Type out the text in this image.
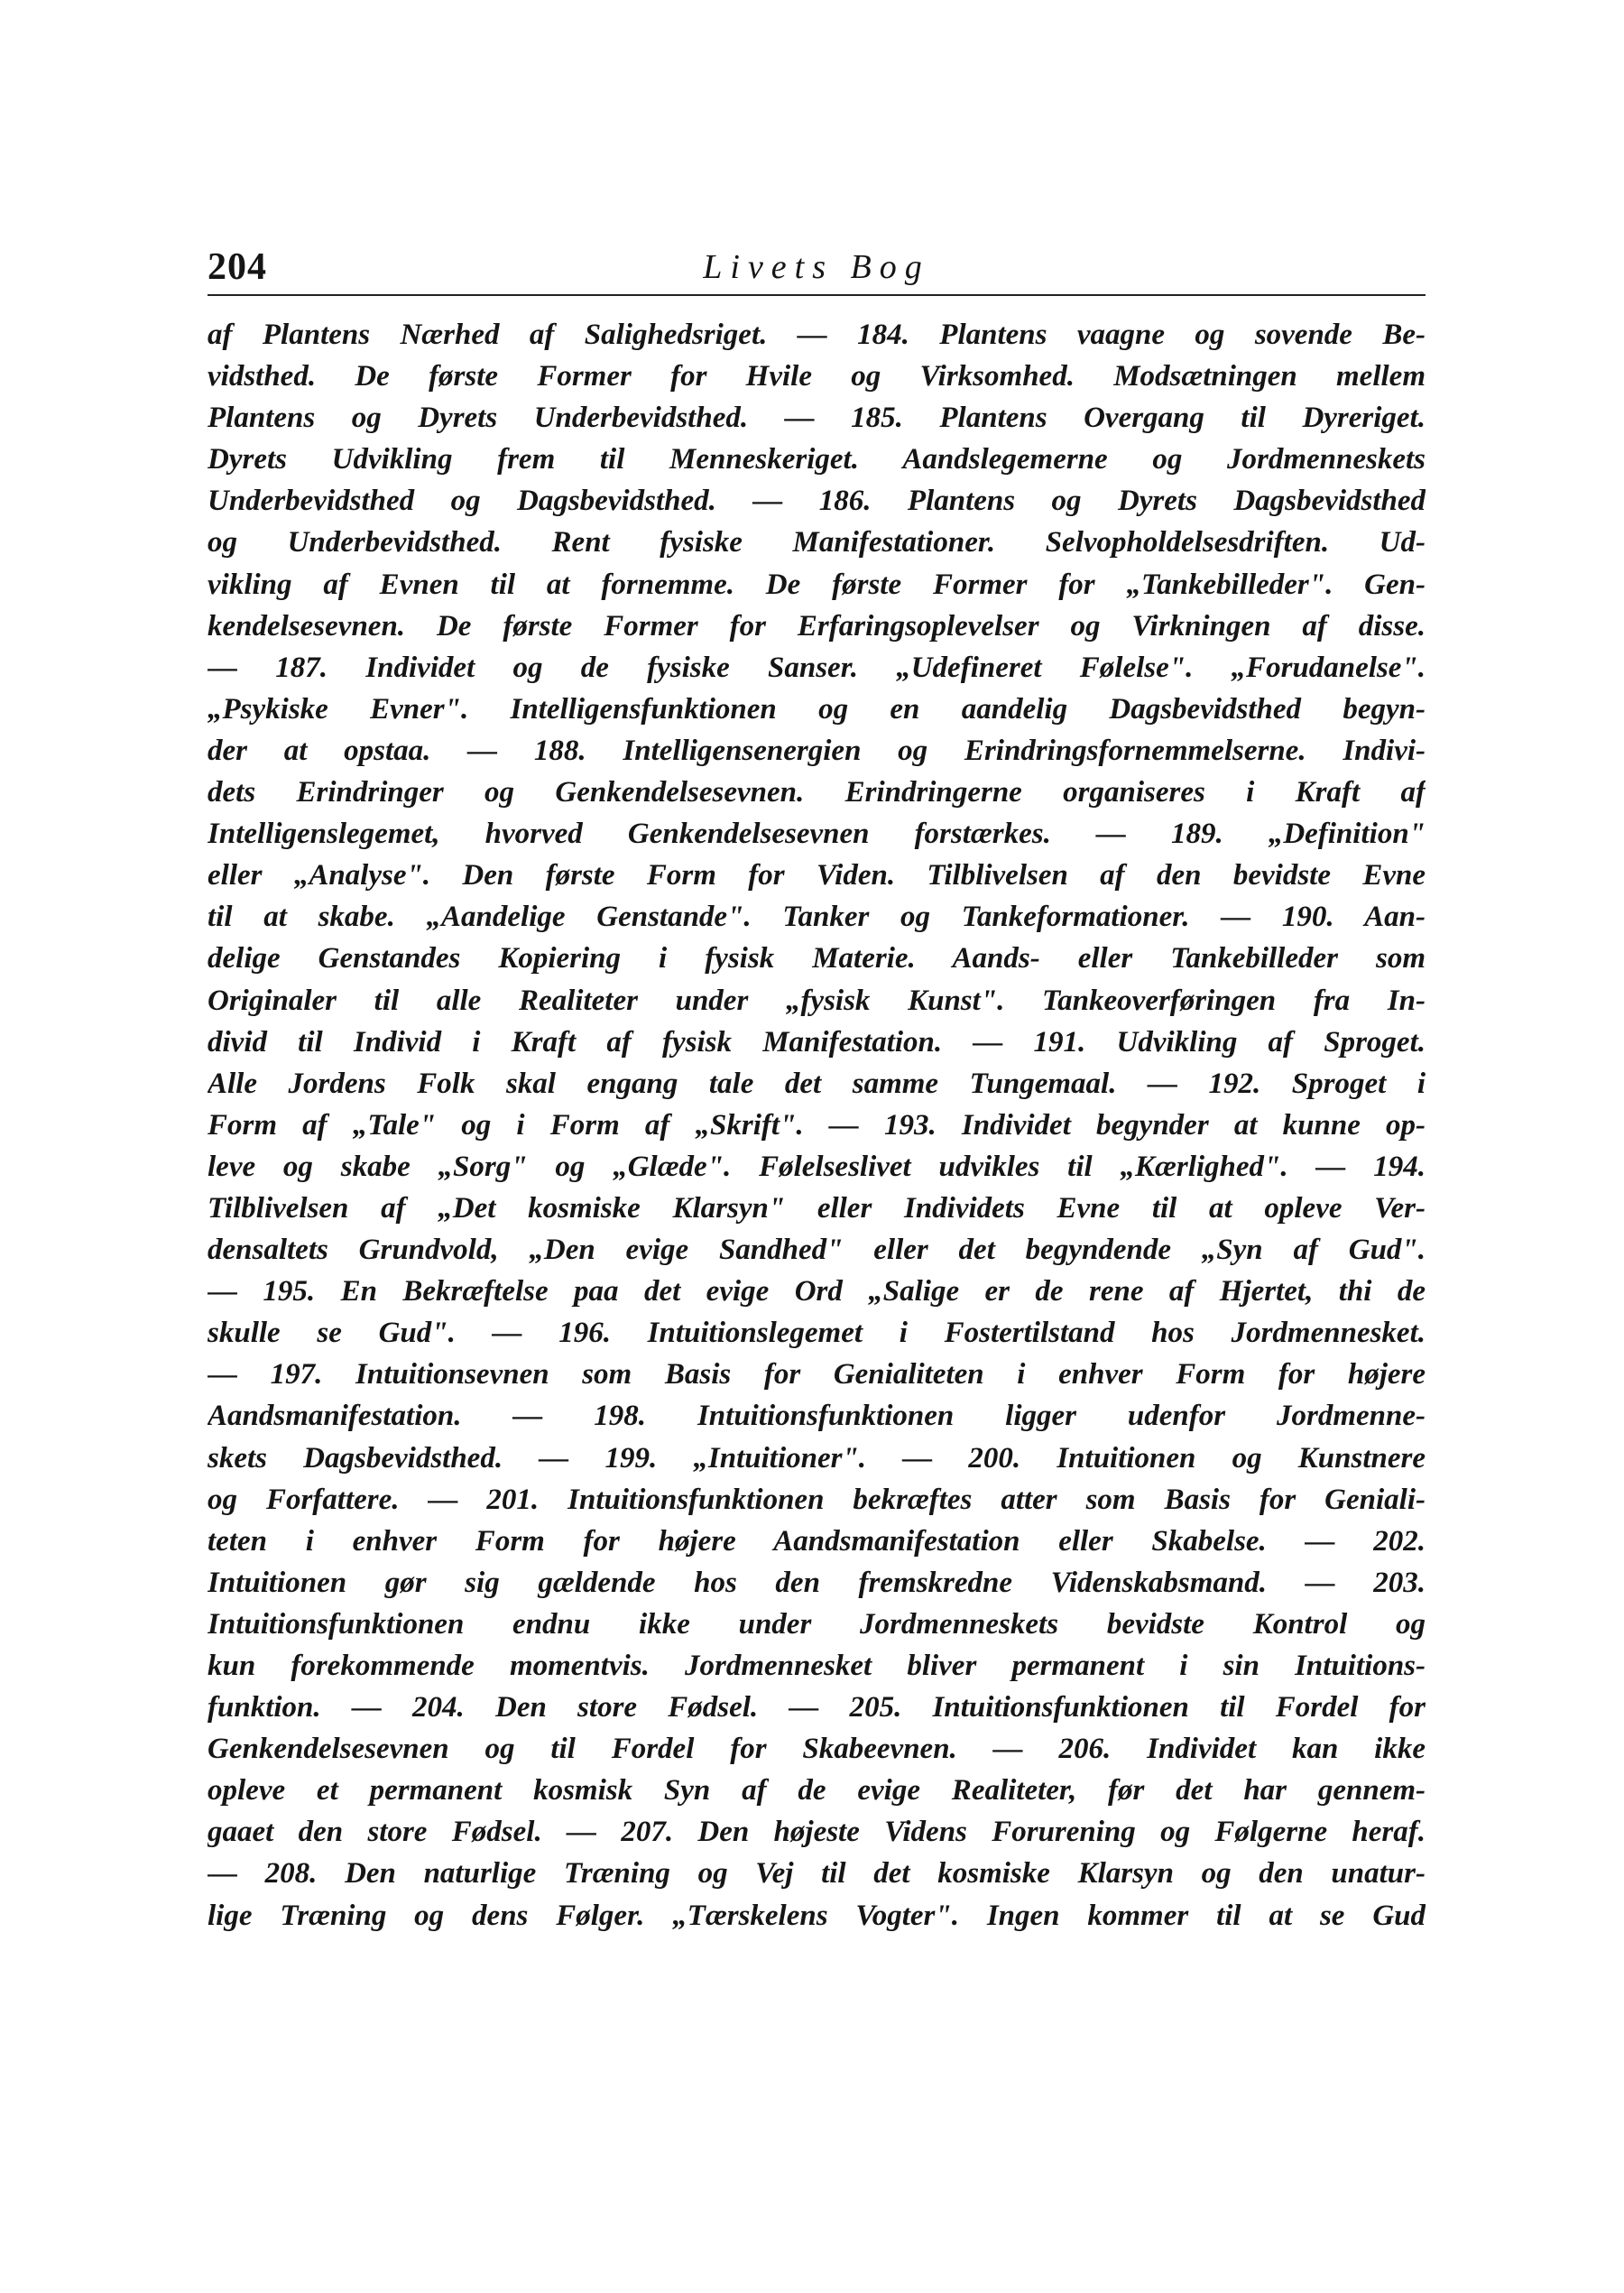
204	Livets Bog
af Plantens Nærhed af Salighedsriget. — 184. Plantens vaagne og sovende Be-
vidsthed. De første Former for Hvile og Virksomhed. Modsætningen mellem
Plantens og Dyrets Underbevidsthed. — 185. Plantens Overgang til Dyreriget.
Dyrets Udvikling frem til Menneskeriget. Aandslegemerne og Jordmenneskets
Underbevidsthed og Dagsbevidsthed. — 186. Plantens og Dyrets Dagsbevidsthed
og Underbevidsthed. Rent fysiske Manifestationer. Selvopholdelsesdriften. Ud-
vikling af Evnen til at fornemme. De første Former for „Tankebilleder". Gen-
kendelsesevnen. De første Former for Erfaringsoplevelser og Virkningen af disse.
— 187. Individet og de fysiske Sanser. „Udefineret Følelse". „Forudanelse".
„Psykiske Evner". Intelligensfunktionen og en aandelig Dagsbevidsthed begyn-
der at opstaa. — 188. Intelligensenergien og Erindringsfornemmelserne. Indivi-
dets Erindringer og Genkendelsesevnen. Erindringerne organiseres i Kraft af
Intelligenslegemet, hvorved Genkendelsesevnen forstærkes. — 189. „Definition"
eller „Analyse". Den første Form for Viden. Tilblivelsen af den bevidste Evne
til at skabe. „Aandelige Genstande". Tanker og Tankeformationer. — 190. Aan-
delige Genstandes Kopiering i fysisk Materie. Aands- eller Tankebilleder som
Originaler til alle Realiteter under „fysisk Kunst". Tankeoverføringen fra In-
divid til Individ i Kraft af fysisk Manifestation. — 191. Udvikling af Sproget.
Alle Jordens Folk skal engang tale det samme Tungemaal. — 192. Sproget i
Form af „Tale" og i Form af „Skrift". — 193. Individet begynder at kunne op-
leve og skabe „Sorg" og „Glæde". Følelseslivet udvikles til „Kærlighed". — 194.
Tilblivelsen af „Det kosmiske Klarsyn" eller Individets Evne til at opleve Ver-
densaltets Grundvold, „Den evige Sandhed" eller det begyndende „Syn af Gud".
— 195. En Bekræftelse paa det evige Ord „Salige er de rene af Hjertet, thi de
skulle se Gud". — 196. Intuitionslegemet i Fostertilstand hos Jordmennesket.
— 197. Intuitionsevnen som Basis for Genialiteten i enhver Form for højere
Aandsmanifestation. — 198. Intuitionsfunktionen ligger udenfor Jordmenne-
skets Dagsbevidsthed. — 199. „Intuitioner". — 200. Intuitionen og Kunstnere
og Forfattere. — 201. Intuitionsfunktionen bekræftes atter som Basis for Geniali-
teten i enhver Form for højere Aandsmanifestation eller Skabelse. — 202.
Intuitionen gør sig gældende hos den fremskredne Videnskabsmand. — 203.
Intuitionsfunktionen endnu ikke under Jordmenneskets bevidste Kontrol og
kun forekommende momentvis. Jordmennesket bliver permanent i sin Intuitions-
funktion. — 204. Den store Fødsel. — 205. Intuitionsfunktionen til Fordel for
Genkendelsesevnen og til Fordel for Skabeevnen. — 206. Individet kan ikke
opleve et permanent kosmisk Syn af de evige Realiteter, før det har gennem-
gaaet den store Fødsel. — 207. Den højeste Videns Forurening og Følgerne heraf.
— 208. Den naturlige Træning og Vej til det kosmiske Klarsyn og den unatur-
lige Træning og dens Følger. „Tærskelens Vogter". Ingen kommer til at se Gud
